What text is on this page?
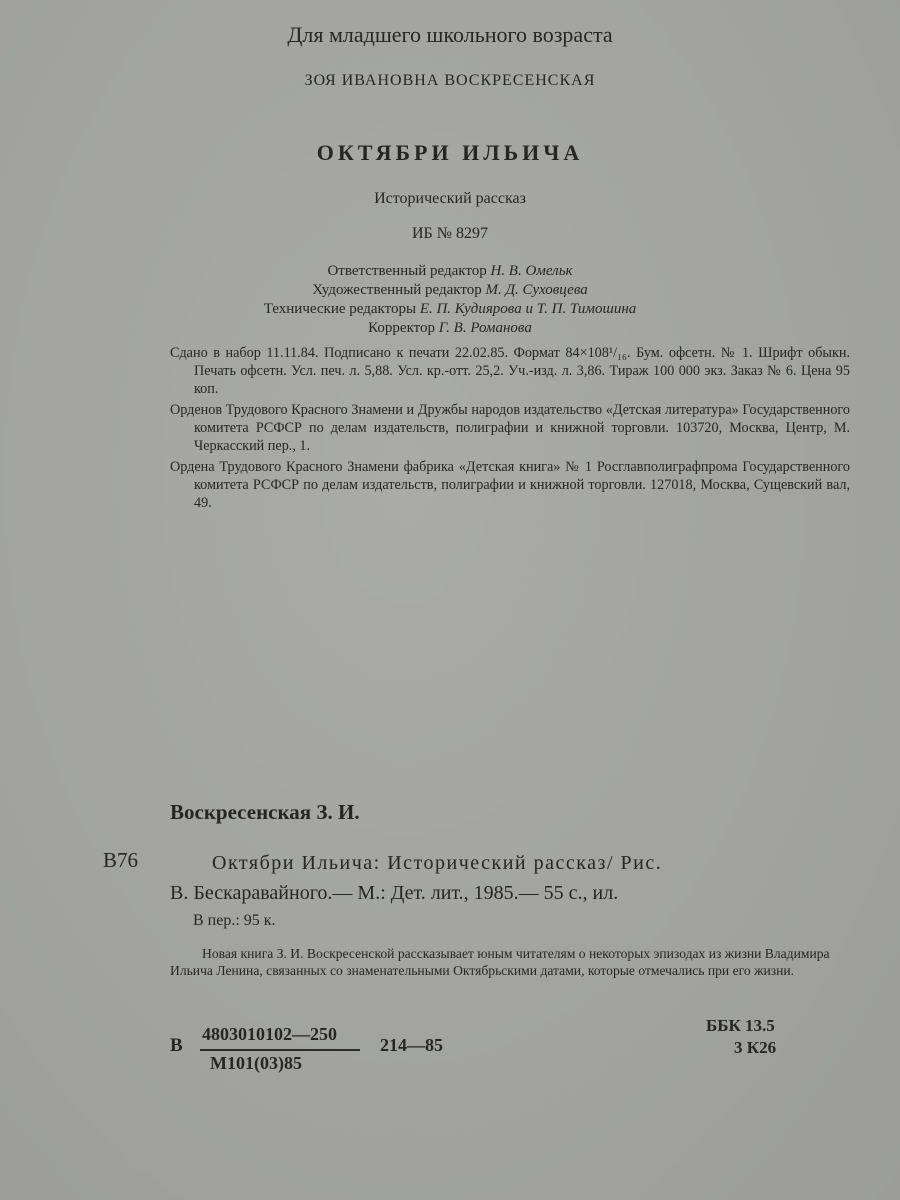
Для младшего школьного возраста
ЗОЯ ИВАНОВНА ВОСКРЕСЕНСКАЯ
ОКТЯБРИ ИЛЬИЧА
Исторический рассказ
ИБ № 8297
Ответственный редактор Н. В. Омельк
Художественный редактор М. Д. Суховцева
Технические редакторы Е. П. Кудиярова и Т. П. Тимошина
Корректор Г. В. Романова

Сдано в набор 11.11.84. Подписано к печати 22.02.85. Формат 84×108¹/₁₆. Бум. офсетн. № 1. Шрифт обыкн. Печать офсетн. Усл. печ. л. 5,88. Усл. кр.-отт. 25,2. Уч.-изд. л. 3,86. Тираж 100 000 экз. Заказ № 6. Цена 95 коп.

Орденов Трудового Красного Знамени и Дружбы народов издательство «Детская литература» Государственного комитета РСФСР по делам издательств, полиграфии и книжной торговли. 103720, Москва, Центр, М. Черкасский пер., 1.

Ордена Трудового Красного Знамени фабрика «Детская книга» № 1 Росглавполиграфпрома Государственного комитета РСФСР по делам издательств, полиграфии и книжной торговли. 127018, Москва, Сущевский вал, 49.

Воскресенская З. И.
В76	Октябри Ильича: Исторический рассказ/ Рис.
В. Бескаравайного.— М.: Дет. лит., 1985.— 55 с., ил.
В пер.: 95 к.

Новая книга З. И. Воскресенской рассказывает юным читателям о некоторых эпизодах из жизни Владимира Ильича Ленина, связанных со знаменательными Октябрьскими датами, которые отмечались при его жизни.

В
4803010102—250
М101(03)85
214—85
ББК 13.5
3 К26
